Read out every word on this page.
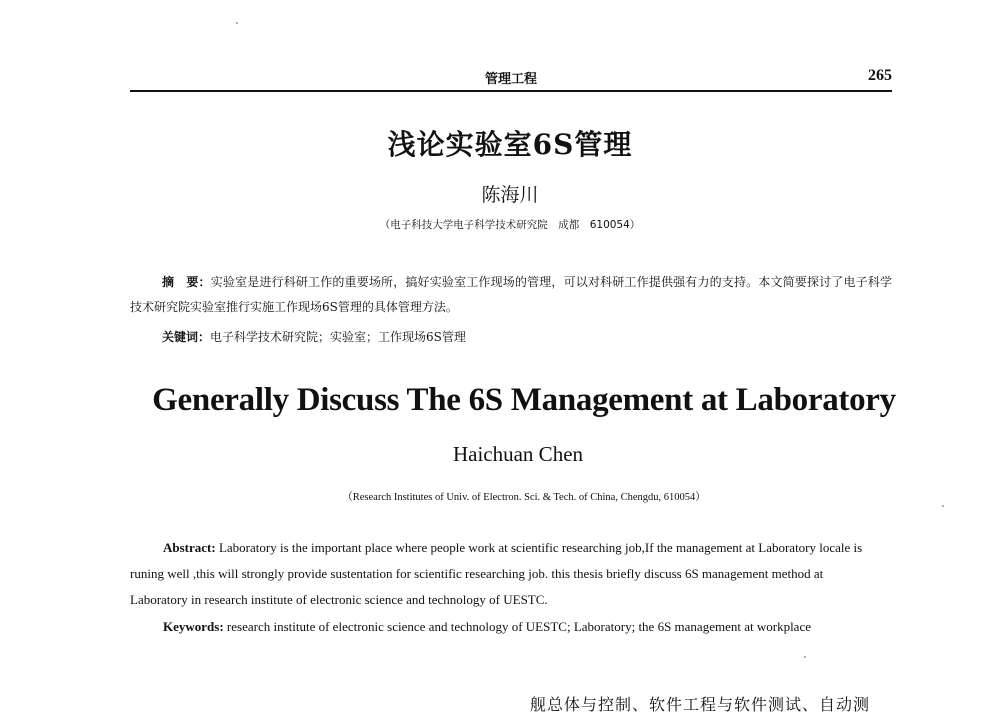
管理工程	265
浅论实验室6S管理
陈海川
（电子科技大学电子科学技术研究院　成都　610054）
摘　要：实验室是进行科研工作的重要场所，搞好实验室工作现场的管理，可以对科研工作提供强有力的支持。本文简要探讨了电子科学技术研究院实验室推行实施工作现场6S管理的具体管理方法。
关键词：电子科学技术研究院；实验室；工作现场6S管理
Generally Discuss The 6S Management at Laboratory
Haichuan Chen
（Research Institutes of Univ. of Electron. Sci. & Tech. of China, Chengdu, 610054）
Abstract: Laboratory is the important place where people work at scientific researching job,If the management at Laboratory locale is runing well ,this will strongly provide sustentation for scientific researching job. this thesis briefly discuss 6S management method at Laboratory in research institute of electronic science and technology of UESTC.
Keywords: research institute of electronic science and technology of UESTC; Laboratory; the 6S management at workplace
舰总体与控制、软件工程与软件测试、自动测
